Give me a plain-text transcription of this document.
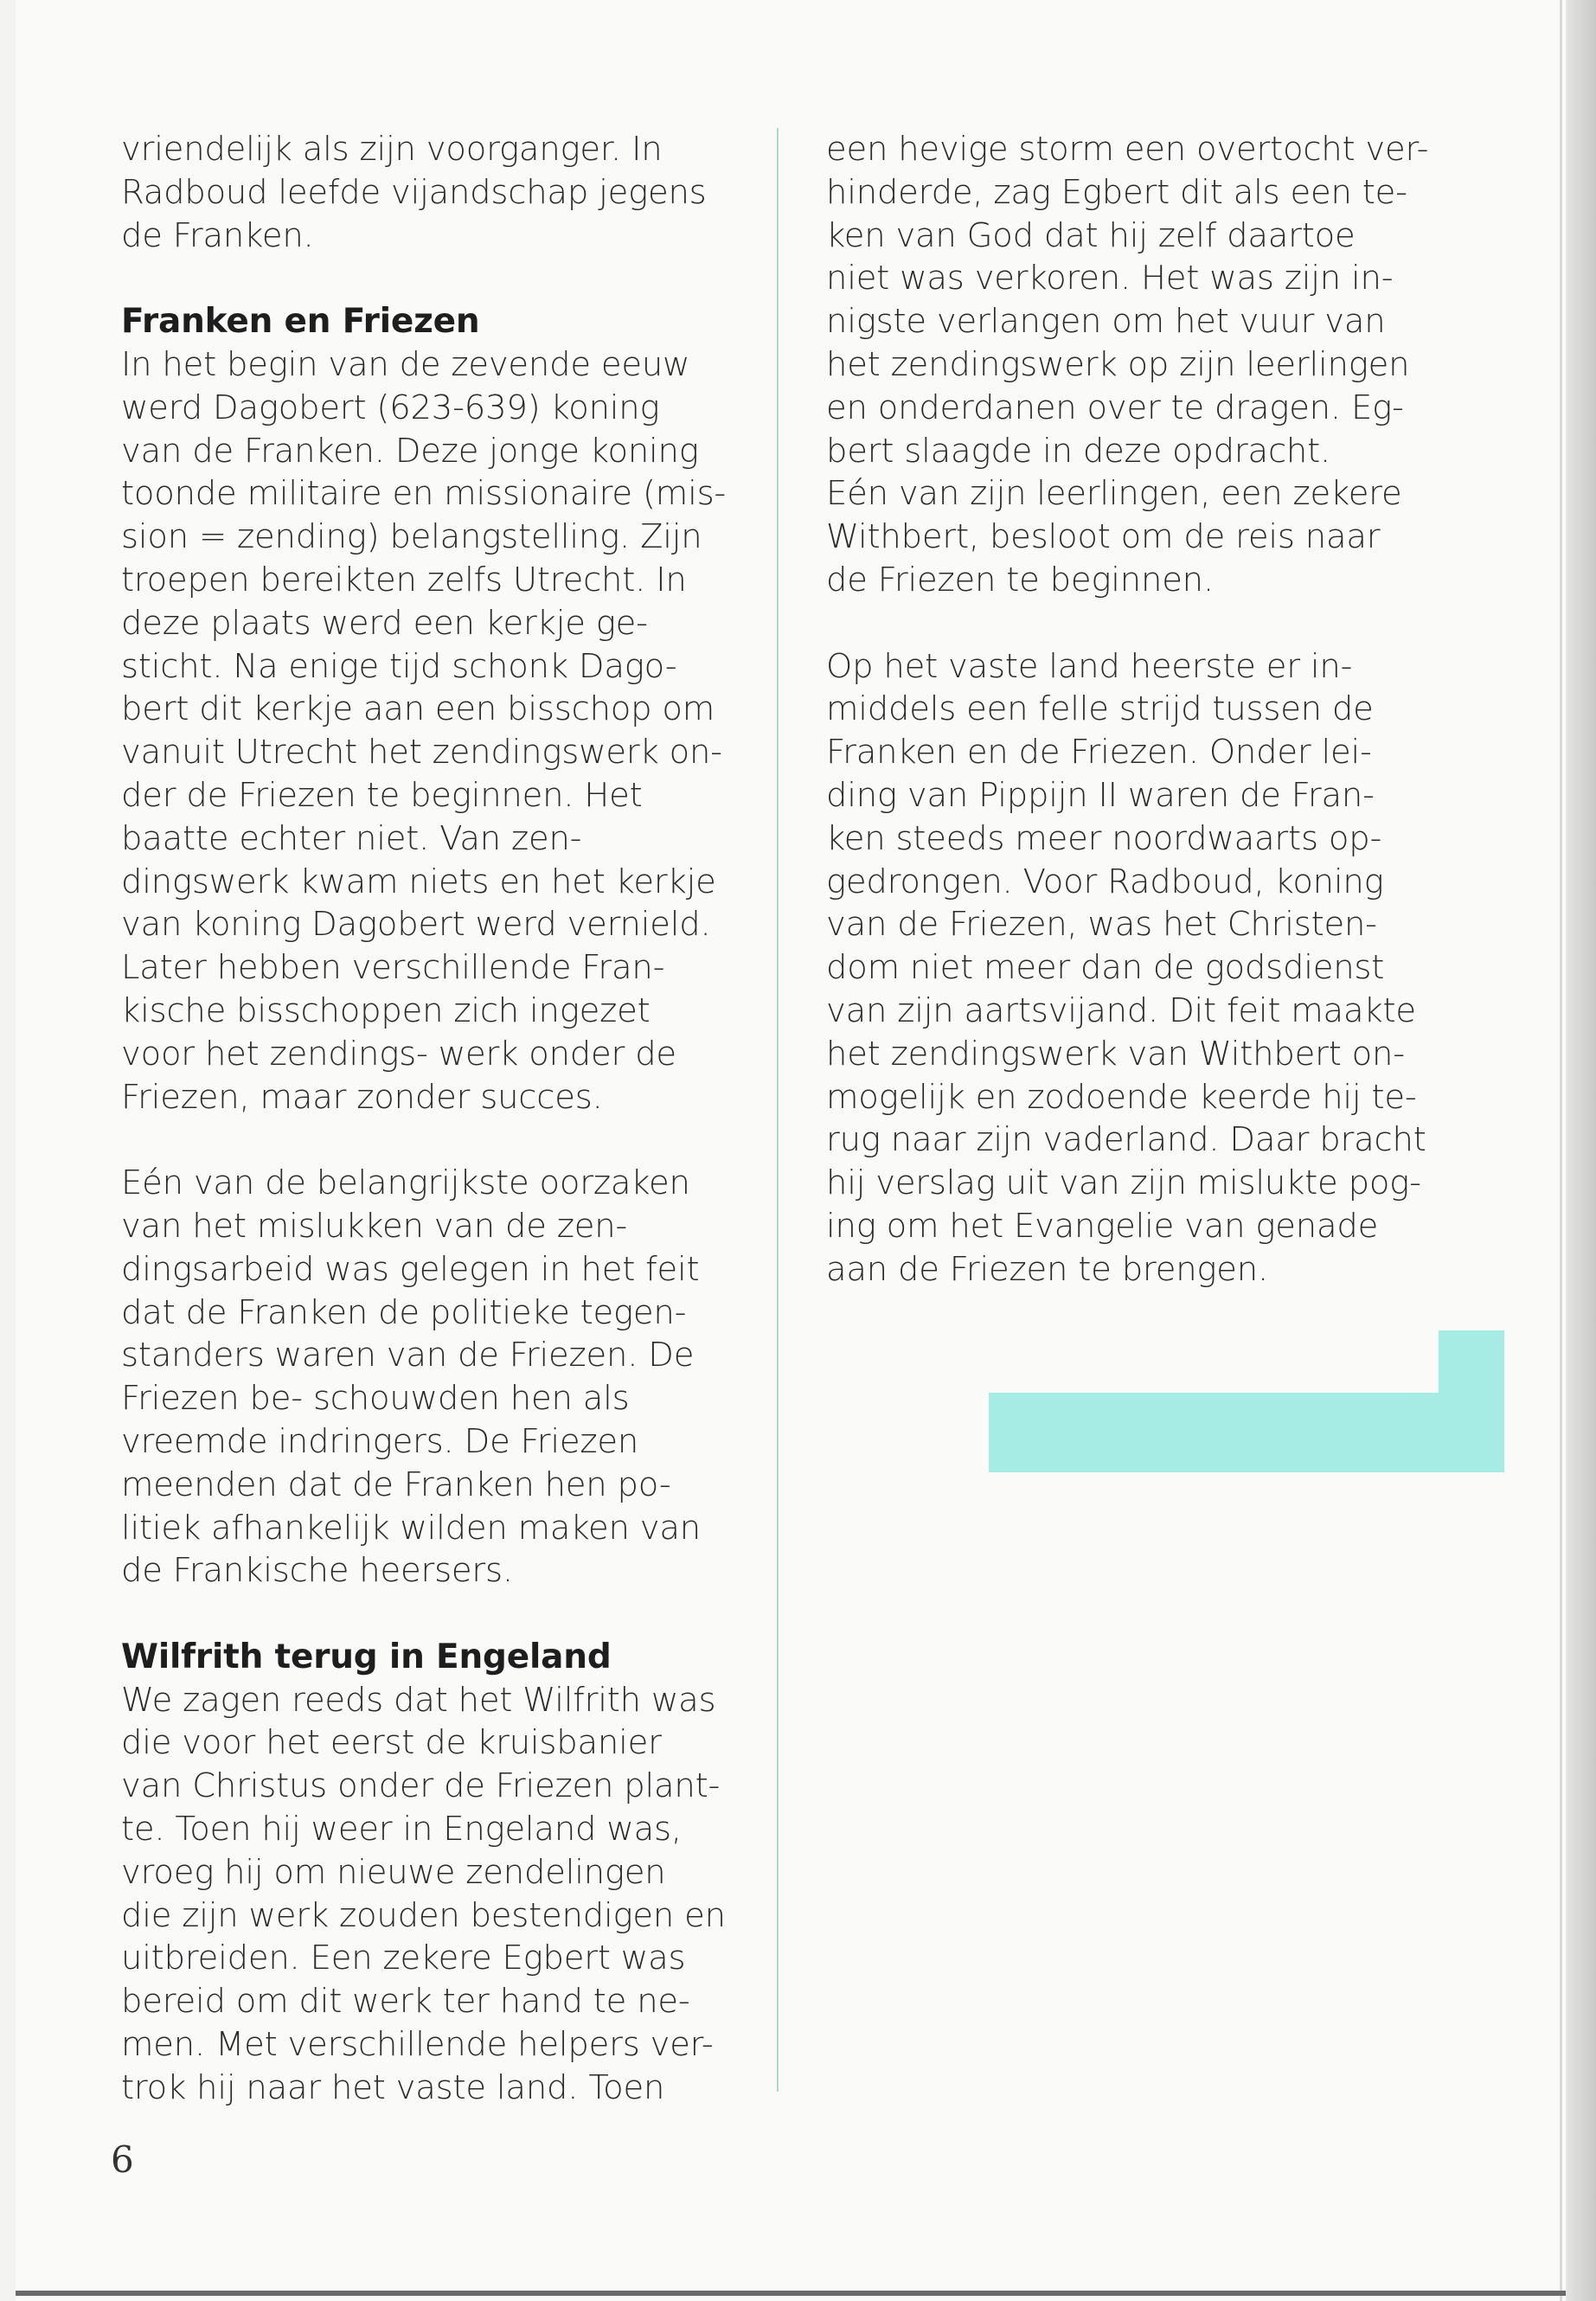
vriendelijk als zijn voorganger. In
Radboud leefde vijandschap jegens
de Franken.
Franken en Friezen
In het begin van de zevende eeuw
werd Dagobert (623-639) koning
van de Franken. Deze jonge koning
toonde militaire en missionaire (mis-
sion = zending) belangstelling. Zijn
troepen bereikten zelfs Utrecht. In
deze plaats werd een kerkje ge-
sticht. Na enige tijd schonk Dago-
bert dit kerkje aan een bisschop om
vanuit Utrecht het zendingswerk on-
der de Friezen te beginnen. Het
baatte echter niet. Van zen-
dingswerk kwam niets en het kerkje
van koning Dagobert werd vernield.
Later hebben verschillende Fran-
kische bisschoppen zich ingezet
voor het zendings- werk onder de
Friezen, maar zonder succes.
Eén van de belangrijkste oorzaken
van het mislukken van de zen-
dingsarbeid was gelegen in het feit
dat de Franken de politieke tegen-
standers waren van de Friezen. De
Friezen be- schouwden hen als
vreemde indringers. De Friezen
meenden dat de Franken hen po-
litiek afhankelijk wilden maken van
de Frankische heersers.
Wilfrith terug in Engeland
We zagen reeds dat het Wilfrith was
die voor het eerst de kruisbanier
van Christus onder de Friezen plant-
te. Toen hij weer in Engeland was,
vroeg hij om nieuwe zendelingen
die zijn werk zouden bestendigen en
uitbreiden. Een zekere Egbert was
bereid om dit werk ter hand te ne-
men. Met verschillende helpers ver-
trok hij naar het vaste land. Toen
een hevige storm een overtocht ver-
hinderde, zag Egbert dit als een te-
ken van God dat hij zelf daartoe
niet was verkoren. Het was zijn in-
nigste verlangen om het vuur van
het zendingswerk op zijn leerlingen
en onderdanen over te dragen. Eg-
bert slaagde in deze opdracht.
Eén van zijn leerlingen, een zekere
Withbert, besloot om de reis naar
de Friezen te beginnen.
Op het vaste land heerste er in-
middels een felle strijd tussen de
Franken en de Friezen. Onder lei-
ding van Pippijn II waren de Fran-
ken steeds meer noordwaarts op-
gedrongen. Voor Radboud, koning
van de Friezen, was het Christen-
dom niet meer dan de godsdienst
van zijn aartsvijand. Dit feit maakte
het zendingswerk van Withbert on-
mogelijk en zodoende keerde hij te-
rug naar zijn vaderland. Daar bracht
hij verslag uit van zijn mislukte pog-
ing om het Evangelie van genade
aan de Friezen te brengen.
6
